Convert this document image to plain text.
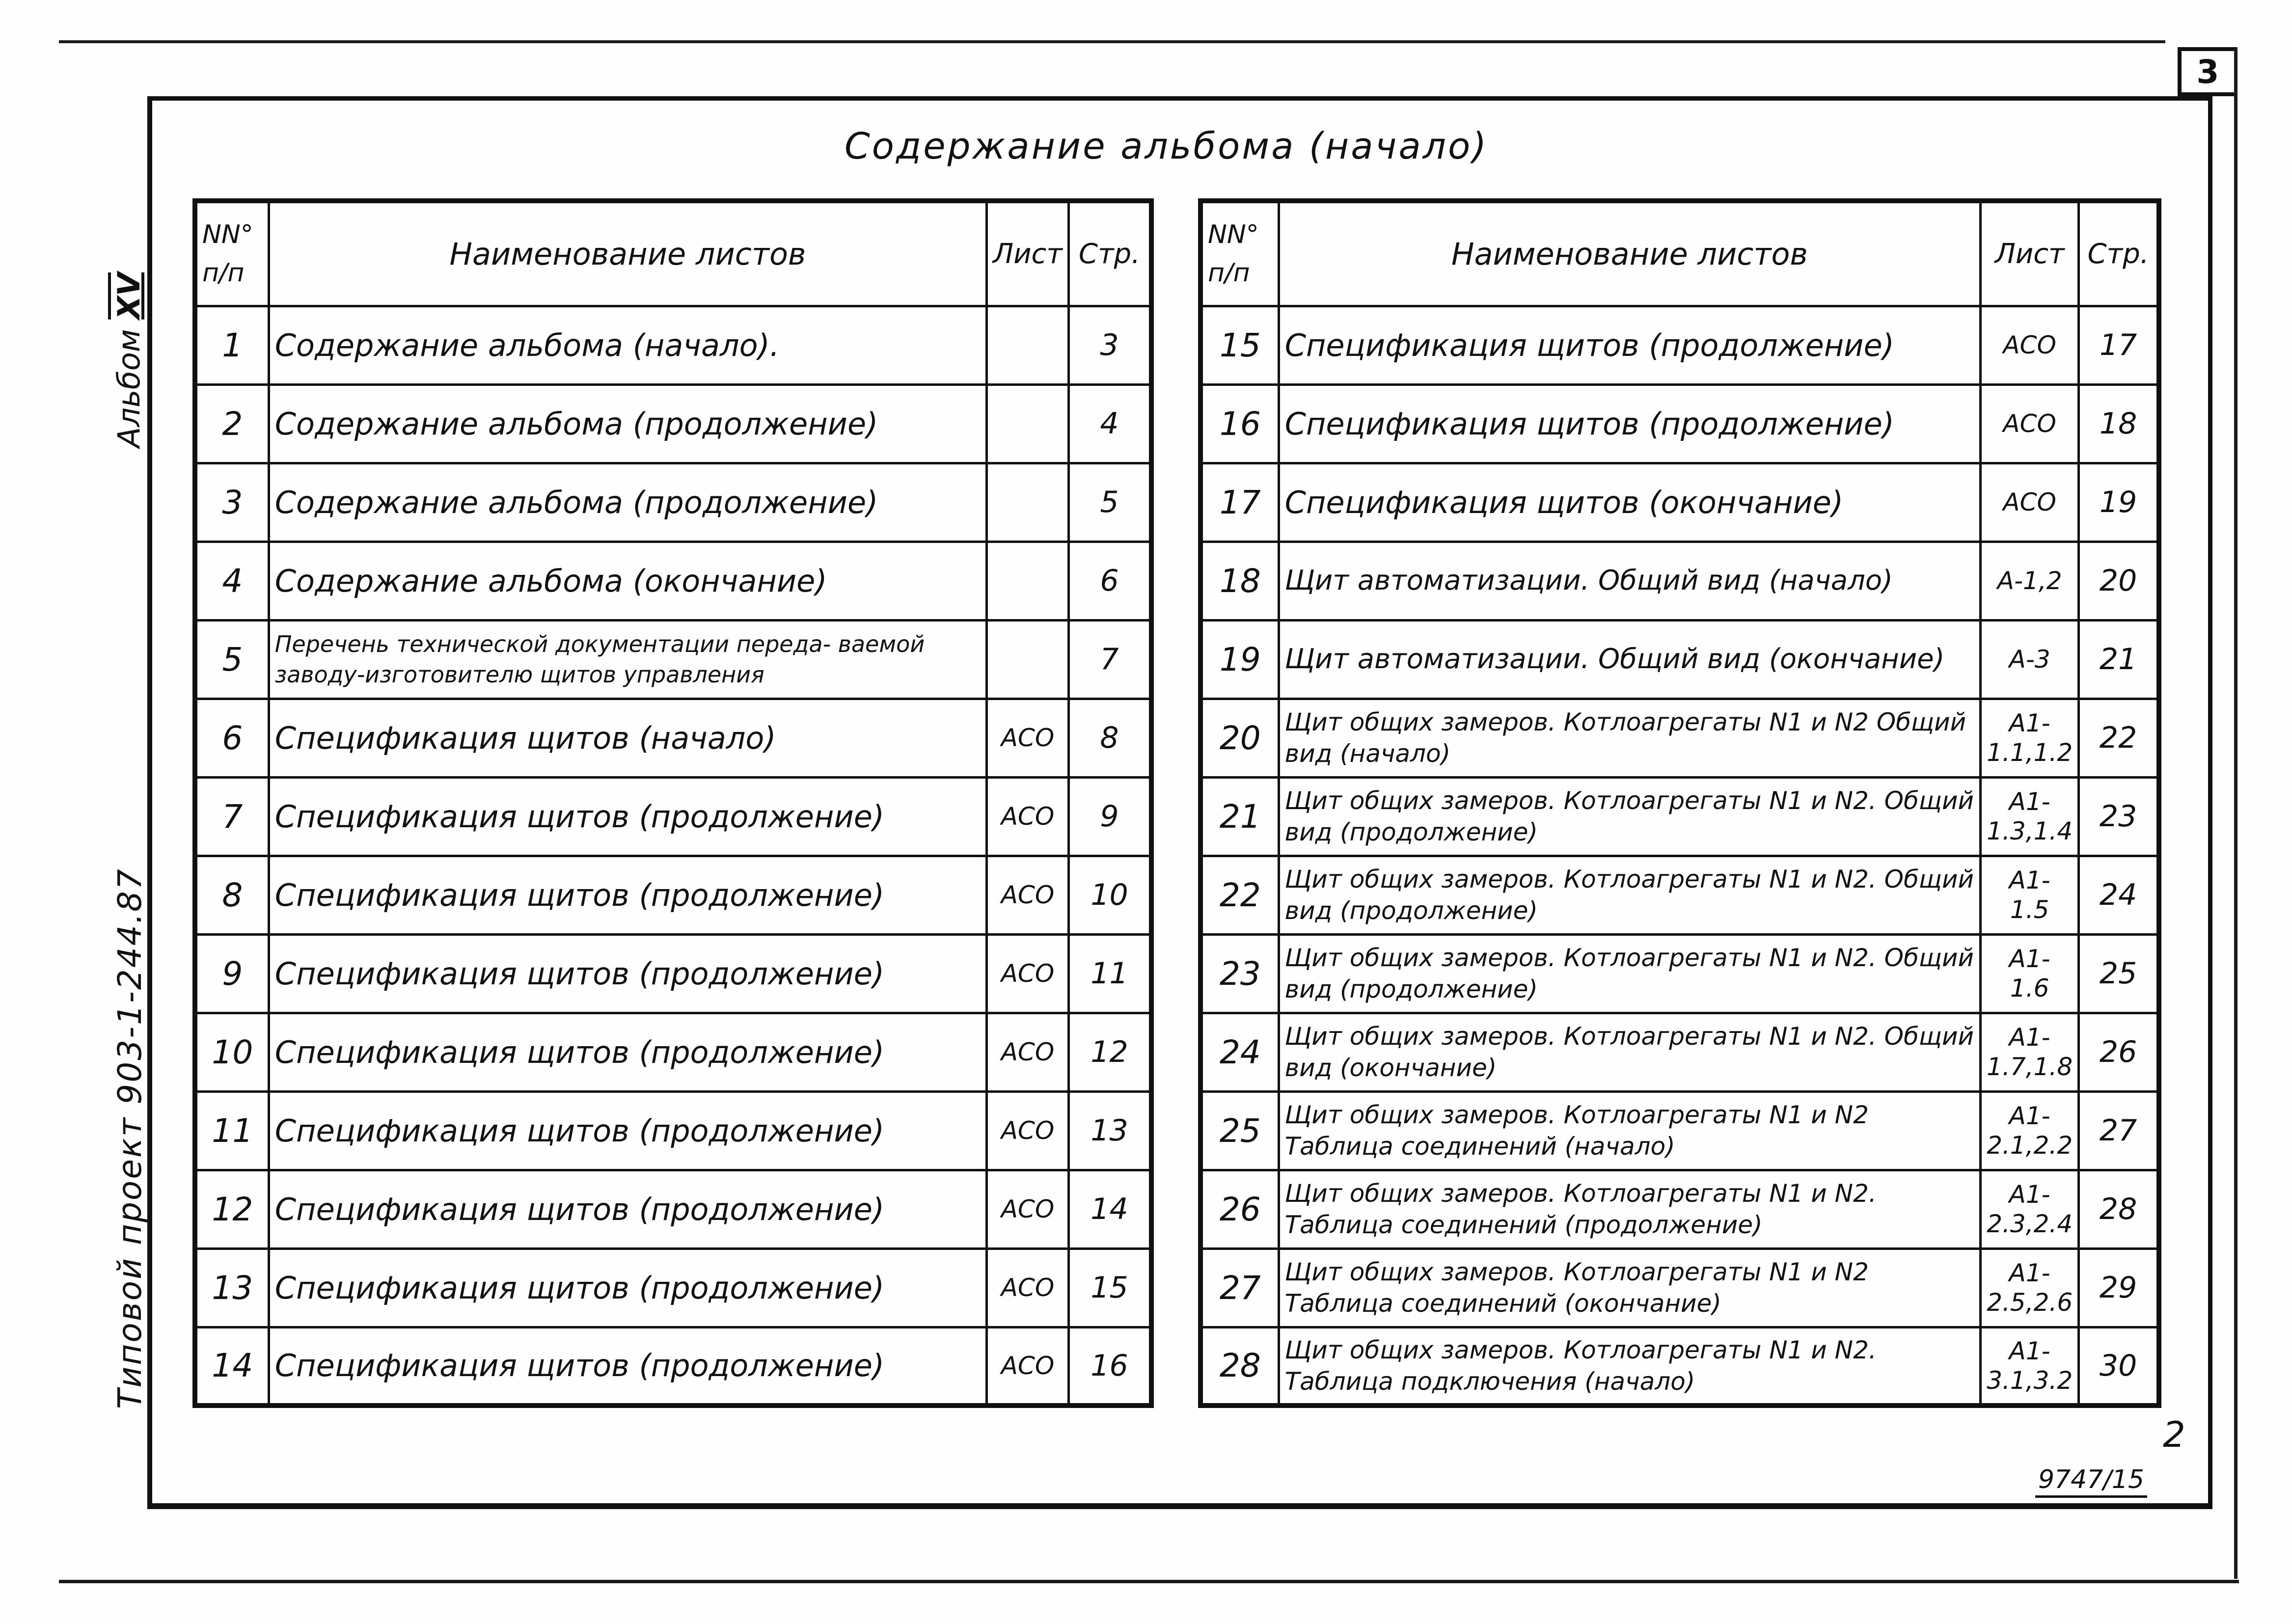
3
Содержание альбома (начало)
NN° п/п	Наименование листов	Лист	Стр.
1	Содержание альбома (начало).		3
2	Содержание альбома (продолжение)		4
3	Содержание альбома (продолжение)		5
4	Содержание альбома (окончание)		6
5	Перечень технической документации переда- ваемой заводу-изготовителю щитов управления		7
6	Спецификация щитов (начало)	АСО	8
7	Спецификация щитов (продолжение)	АСО	9
8	Спецификация щитов (продолжение)	АСО	10
9	Спецификация щитов (продолжение)	АСО	11
10	Спецификация щитов (продолжение)	АСО	12
11	Спецификация щитов (продолжение)	АСО	13
12	Спецификация щитов (продолжение)	АСО	14
13	Спецификация щитов (продолжение)	АСО	15
14	Спецификация щитов (продолжение)	АСО	16
NN° п/п	Наименование листов	Лист	Стр.
15	Спецификация щитов (продолжение)	АСО	17
16	Спецификация щитов (продолжение)	АСО	18
17	Спецификация щитов (окончание)	АСО	19
18	Щит автоматизации. Общий вид (начало)	А-1,2	20
19	Щит автоматизации. Общий вид (окончание)	А-3	21
20	Щит общих замеров. Котлоагрегаты N1 и N2 Общий вид (начало)	А1- 1.1,1.2	22
21	Щит общих замеров. Котлоагрегаты N1 и N2. Общий вид (продолжение)	А1- 1.3,1.4	23
22	Щит общих замеров. Котлоагрегаты N1 и N2. Общий вид (продолжение)	А1- 1.5	24
23	Щит общих замеров. Котлоагрегаты N1 и N2. Общий вид (продолжение)	А1- 1.6	25
24	Щит общих замеров. Котлоагрегаты N1 и N2. Общий вид (окончание)	А1- 1.7,1.8	26
25	Щит общих замеров. Котлоагрегаты N1 и N2 Таблица соединений (начало)	А1- 2.1,2.2	27
26	Щит общих замеров. Котлоагрегаты N1 и N2. Таблица соединений (продолжение)	А1- 2.3,2.4	28
27	Щит общих замеров. Котлоагрегаты N1 и N2 Таблица соединений (окончание)	А1- 2.5,2.6	29
28	Щит общих замеров. Котлоагрегаты N1 и N2. Таблица подключения (начало)	А1- 3.1,3.2	30
Типовой проект 903-1-244.87
Альбом XV
2
9747/15
